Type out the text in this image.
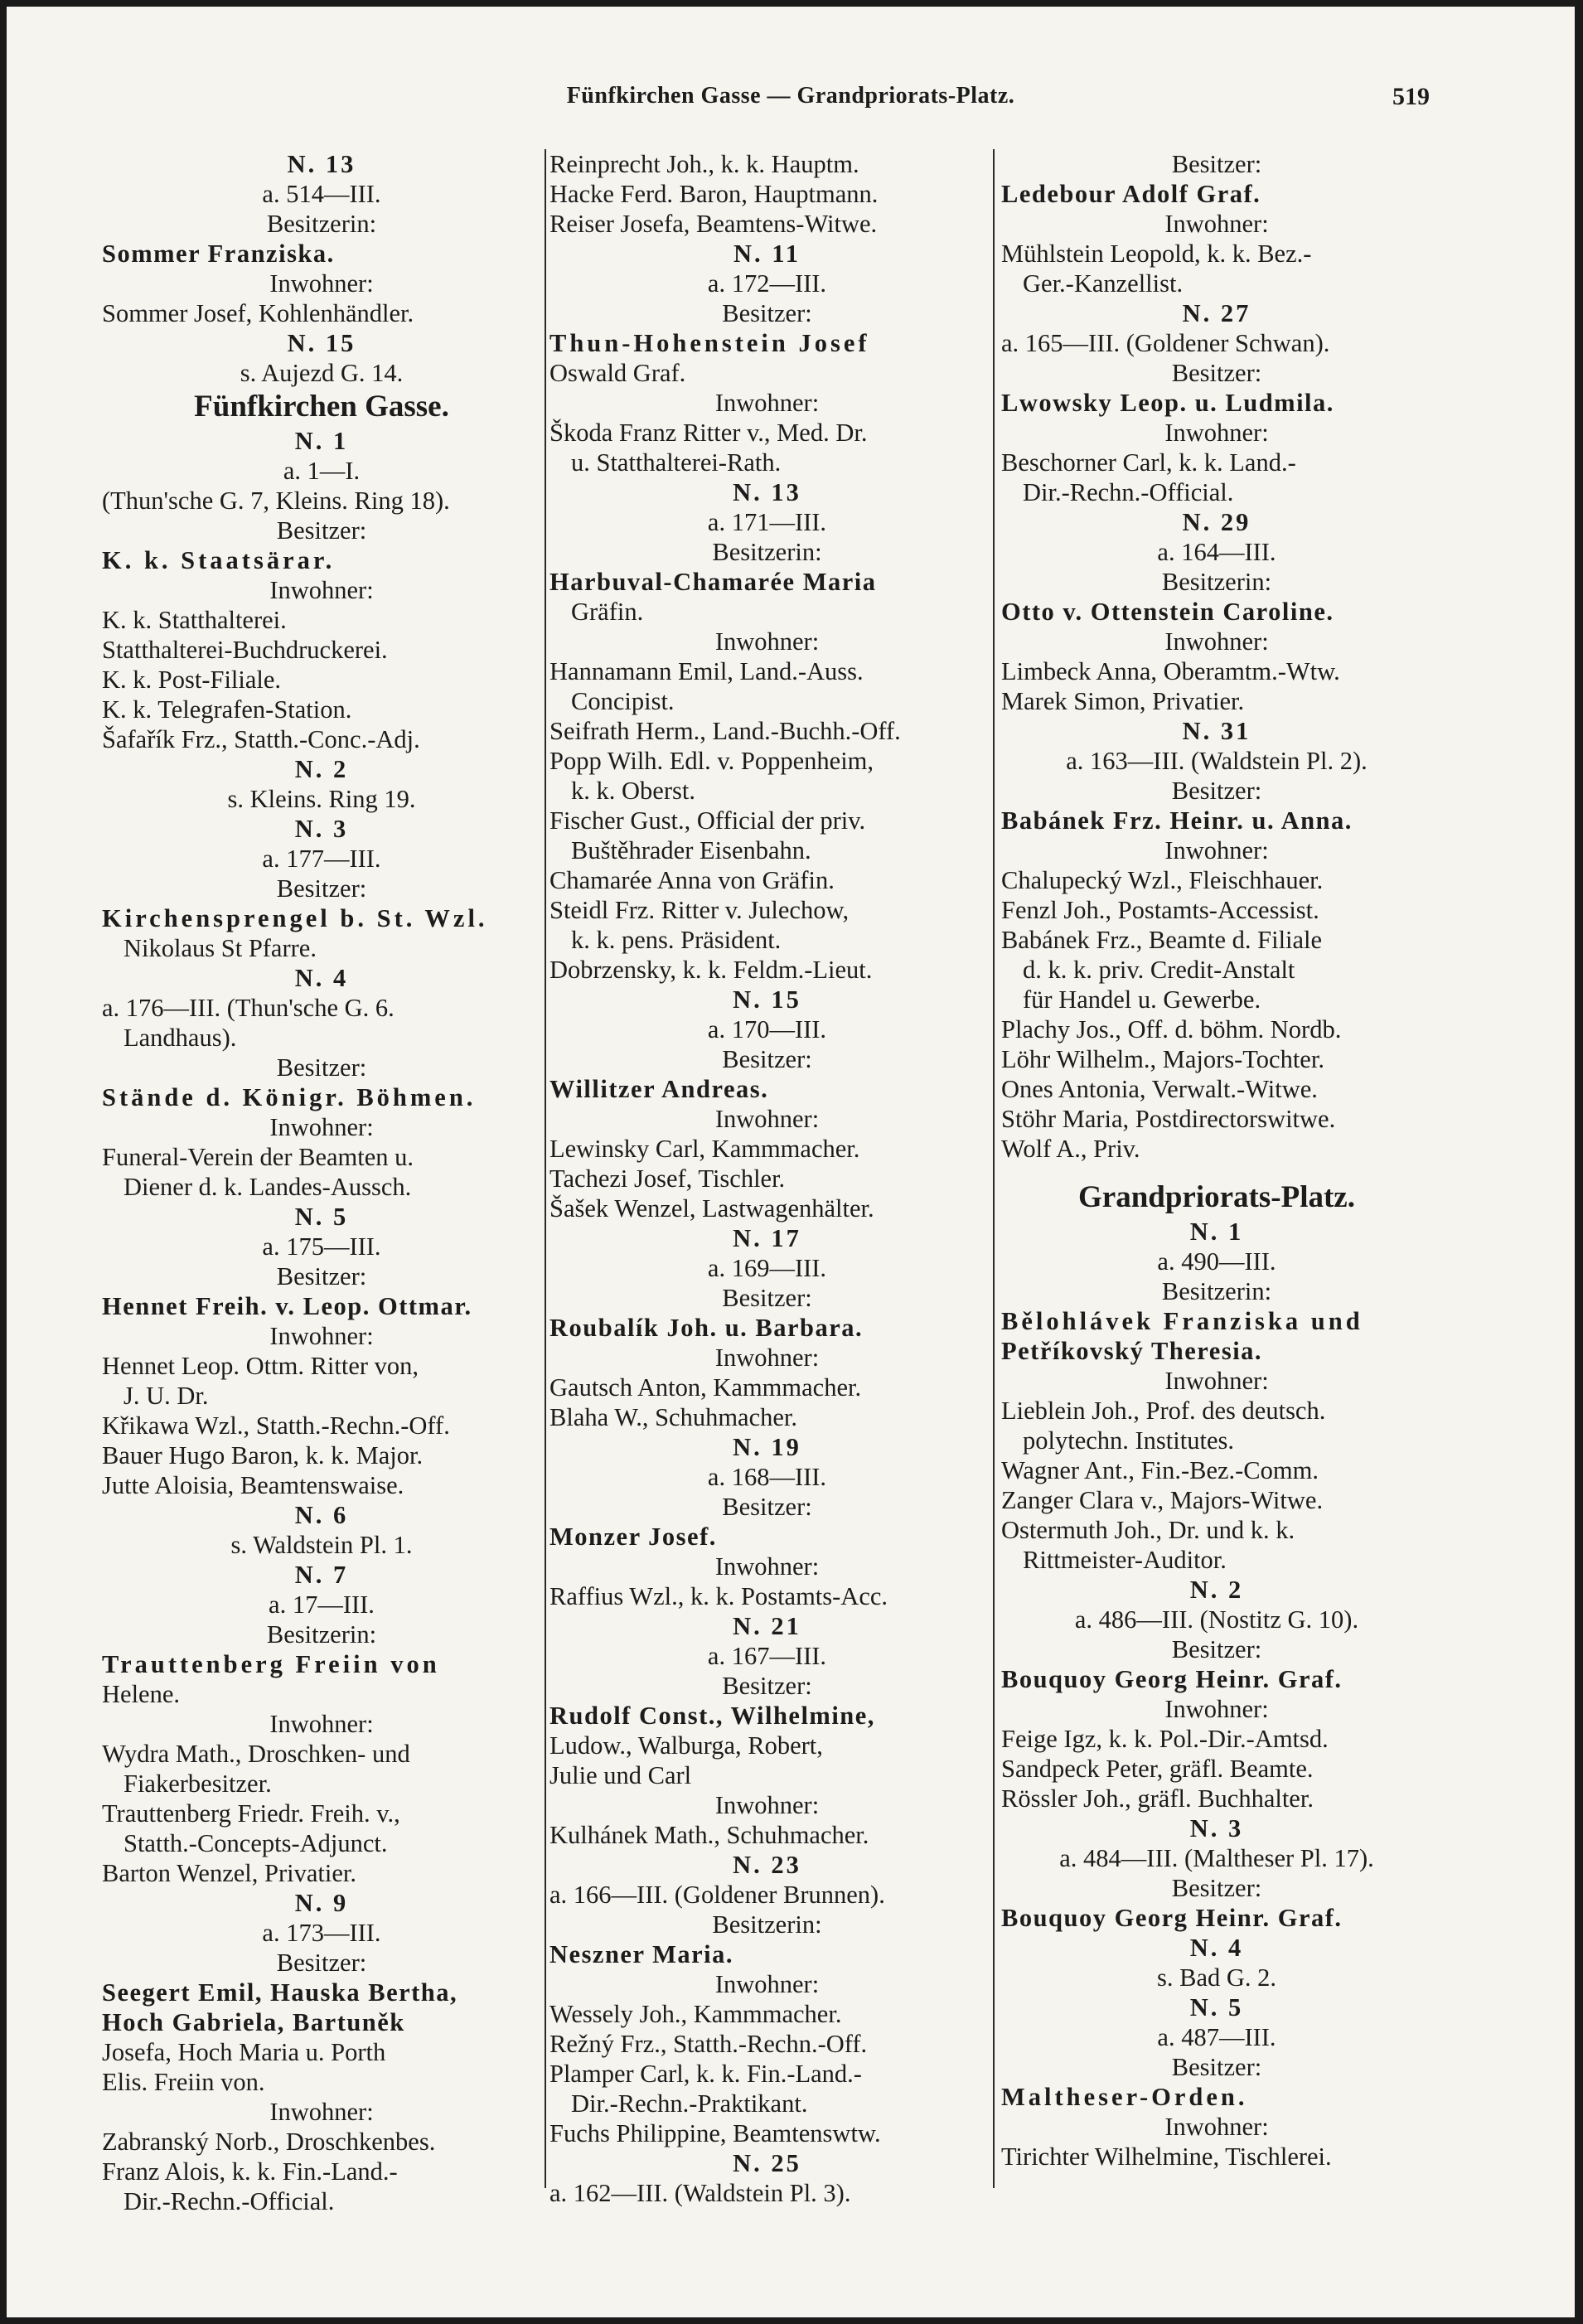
Fünfkirchen Gasse — Grandpriorats-Platz.	519
N. 13
a. 514—III.
Besitzerin:
Sommer Franziska.
Inwohner:
Sommer Josef, Kohlenhändler.
N. 15
s. Aujezd G. 14.
Fünfkirchen Gasse.
N. 1
a. 1—I.
(Thun'sche G. 7, Kleins. Ring 18).
Besitzer:
K. k. Staatsärar.
Inwohner:
K. k. Statthalterei.
Statthalterei-Buchdruckerei.
K. k. Post-Filiale.
K. k. Telegrafen-Station.
Šafařík Frz., Statth.-Conc.-Adj.
N. 2
s. Kleins. Ring 19.
N. 3
a. 177—III.
Besitzer:
Kirchensprengel b. St. Wzl.
Nikolaus St Pfarre.
N. 4
a. 176—III. (Thun'sche G. 6.
Landhaus).
Besitzer:
Stände d. Königr. Böhmen.
Inwohner:
Funeral-Verein der Beamten u.
Diener d. k. Landes-Aussch.
N. 5
a. 175—III.
Besitzer:
Hennet Freih. v. Leop. Ottmar.
Inwohner:
Hennet Leop. Ottm. Ritter von,
J. U. Dr.
Křikawa Wzl., Statth.-Rechn.-Off.
Bauer Hugo Baron, k. k. Major.
Jutte Aloisia, Beamtenswaise.
N. 6
s. Waldstein Pl. 1.
N. 7
a. 17—III.
Besitzerin:
Trauttenberg Freiin von
Helene.
Inwohner:
Wydra Math., Droschken- und
Fiakerbesitzer.
Trauttenberg Friedr. Freih. v.,
Statth.-Concepts-Adjunct.
Barton Wenzel, Privatier.
N. 9
a. 173—III.
Besitzer:
Seegert Emil, Hauska Bertha,
Hoch Gabriela, Bartuněk
Josefa, Hoch Maria u. Porth
Elis. Freiin von.
Inwohner:
Zabranský Norb., Droschkenbes.
Franz Alois, k. k. Fin.-Land.-
Dir.-Rechn.-Official.
Reinprecht Joh., k. k. Hauptm.
Hacke Ferd. Baron, Hauptmann.
Reiser Josefa, Beamtens-Witwe.
N. 11
a. 172—III.
Besitzer:
Thun-Hohenstein Josef
Oswald Graf.
Inwohner:
Škoda Franz Ritter v., Med. Dr.
u. Statthalterei-Rath.
N. 13
a. 171—III.
Besitzerin:
Harbuval-Chamarée Maria
Gräfin.
Inwohner:
Hannamann Emil, Land.-Auss.
Concipist.
Seifrath Herm., Land.-Buchh.-Off.
Popp Wilh. Edl. v. Poppenheim,
k. k. Oberst.
Fischer Gust., Official der priv.
Buštěhrader Eisenbahn.
Chamarée Anna von Gräfin.
Steidl Frz. Ritter v. Julechow,
k. k. pens. Präsident.
Dobrzensky, k. k. Feldm.-Lieut.
N. 15
a. 170—III.
Besitzer:
Willitzer Andreas.
Inwohner:
Lewinsky Carl, Kammmacher.
Tachezi Josef, Tischler.
Šašek Wenzel, Lastwagenhälter.
N. 17
a. 169—III.
Besitzer:
Roubalík Joh. u. Barbara.
Inwohner:
Gautsch Anton, Kammmacher.
Blaha W., Schuhmacher.
N. 19
a. 168—III.
Besitzer:
Monzer Josef.
Inwohner:
Raffius Wzl., k. k. Postamts-Acc.
N. 21
a. 167—III.
Besitzer:
Rudolf Const., Wilhelmine,
Ludow., Walburga, Robert,
Julie und Carl
Inwohner:
Kulhánek Math., Schuhmacher.
N. 23
a. 166—III. (Goldener Brunnen).
Besitzerin:
Neszner Maria.
Inwohner:
Wessely Joh., Kammmacher.
Režný Frz., Statth.-Rechn.-Off.
Plamper Carl, k. k. Fin.-Land.-
Dir.-Rechn.-Praktikant.
Fuchs Philippine, Beamtenswtw.
N. 25
a. 162—III. (Waldstein Pl. 3).
Besitzer:
Ledebour Adolf Graf.
Inwohner:
Mühlstein Leopold, k. k. Bez.-
Ger.-Kanzellist.
N. 27
a. 165—III. (Goldener Schwan).
Besitzer:
Lwowsky Leop. u. Ludmila.
Inwohner:
Beschorner Carl, k. k. Land.-
Dir.-Rechn.-Official.
N. 29
a. 164—III.
Besitzerin:
Otto v. Ottenstein Caroline.
Inwohner:
Limbeck Anna, Oberamtm.-Wtw.
Marek Simon, Privatier.
N. 31
a. 163—III. (Waldstein Pl. 2).
Besitzer:
Babánek Frz. Heinr. u. Anna.
Inwohner:
Chalupecký Wzl., Fleischhauer.
Fenzl Joh., Postamts-Accessist.
Babánek Frz., Beamte d. Filiale
d. k. k. priv. Credit-Anstalt
für Handel u. Gewerbe.
Plachy Jos., Off. d. böhm. Nordb.
Löhr Wilhelm., Majors-Tochter.
Ones Antonia, Verwalt.-Witwe.
Stöhr Maria, Postdirectorswitwe.
Wolf A., Priv.
Grandpriorats-Platz.
N. 1
a. 490—III.
Besitzerin:
Bělohlávek Franziska und
Petříkovský Theresia.
Inwohner:
Lieblein Joh., Prof. des deutsch.
polytechn. Institutes.
Wagner Ant., Fin.-Bez.-Comm.
Zanger Clara v., Majors-Witwe.
Ostermuth Joh., Dr. und k. k.
Rittmeister-Auditor.
N. 2
a. 486—III. (Nostitz G. 10).
Besitzer:
Bouquoy Georg Heinr. Graf.
Inwohner:
Feige Igz, k. k. Pol.-Dir.-Amtsd.
Sandpeck Peter, gräfl. Beamte.
Rössler Joh., gräfl. Buchhalter.
N. 3
a. 484—III. (Maltheser Pl. 17).
Besitzer:
Bouquoy Georg Heinr. Graf.
N. 4
s. Bad G. 2.
N. 5
a. 487—III.
Besitzer:
Maltheser-Orden.
Inwohner:
Tirichter Wilhelmine, Tischlerei.
